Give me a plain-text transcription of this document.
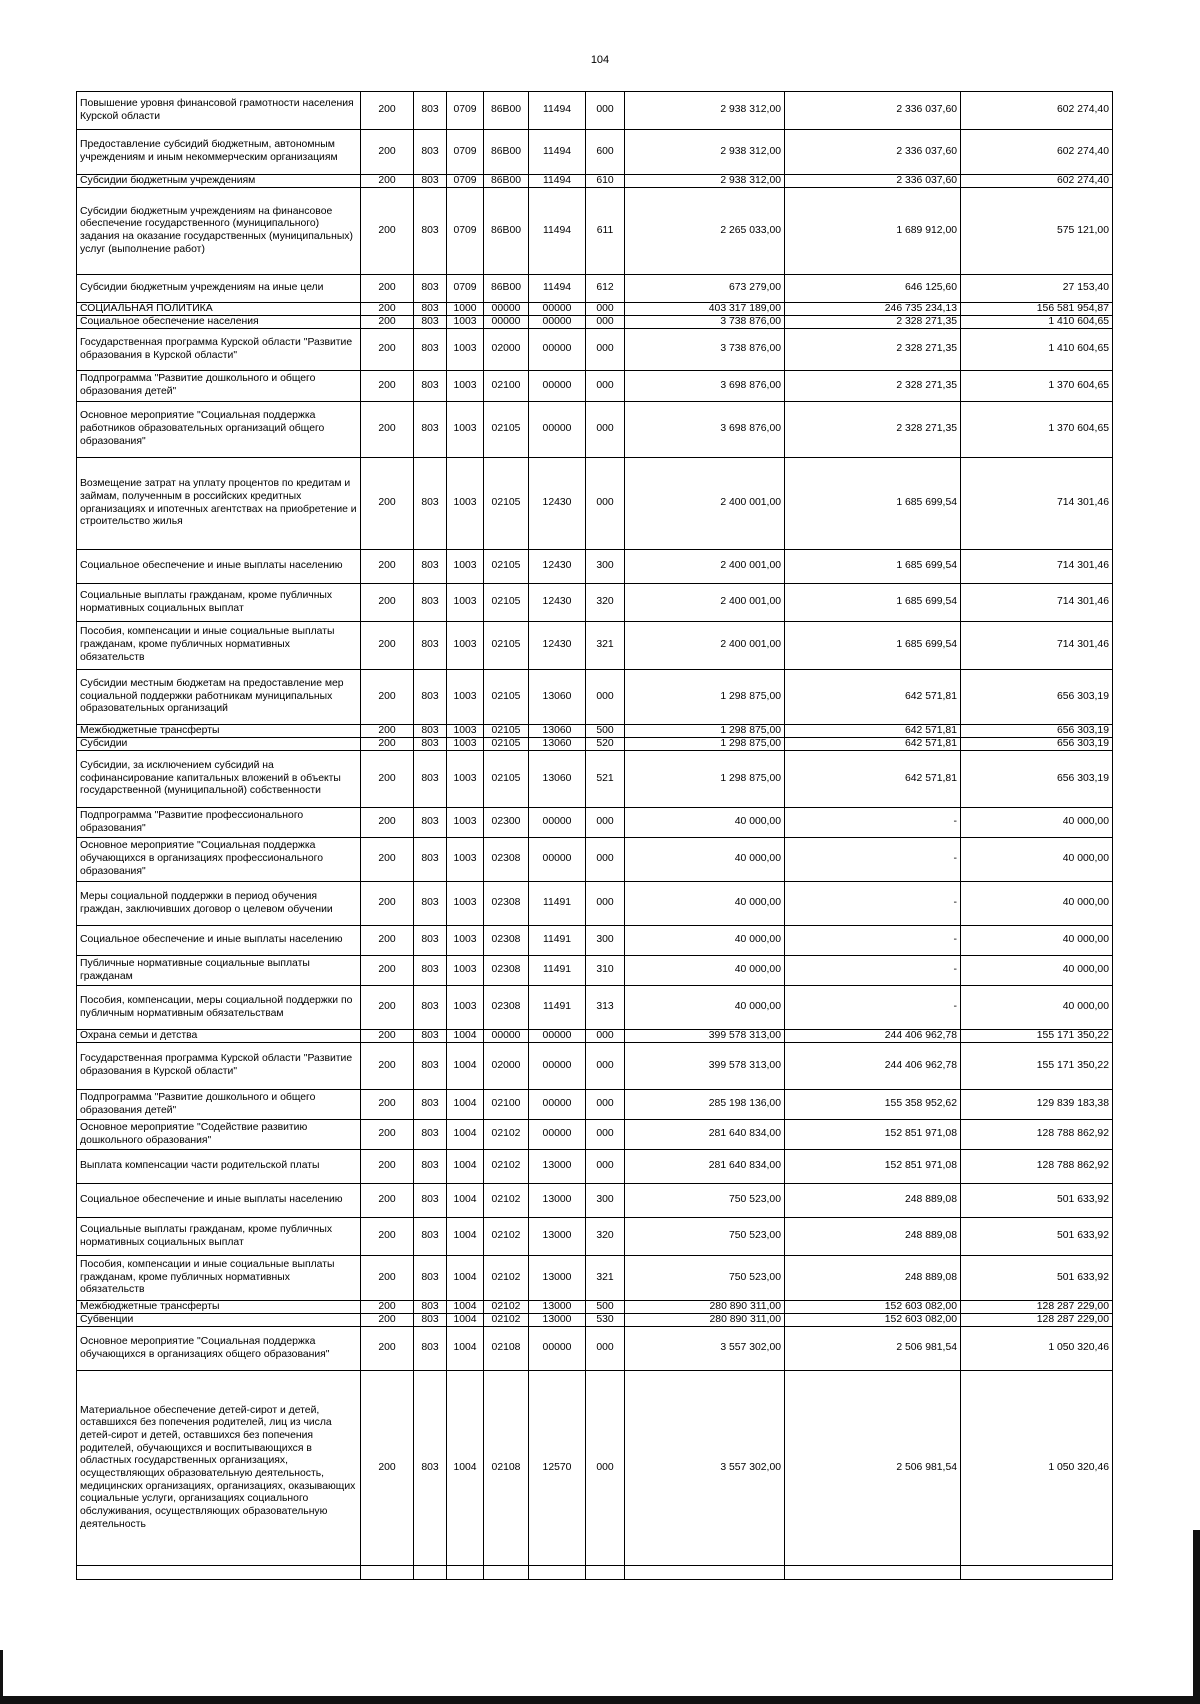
104
Повышение уровня финансовой грамотности населения Курской области	200	803	0709	86В00	11494	000	2 938 312,00	2 336 037,60	602 274,40
Предоставление субсидий бюджетным, автономным учреждениям и иным некоммерческим организациям	200	803	0709	86В00	11494	600	2 938 312,00	2 336 037,60	602 274,40
Субсидии бюджетным учреждениям	200	803	0709	86В00	11494	610	2 938 312,00	2 336 037,60	602 274,40
Субсидии бюджетным учреждениям на финансовое обеспечение государственного (муниципального) задания на оказание государственных (муниципальных) услуг (выполнение работ)	200	803	0709	86В00	11494	611	2 265 033,00	1 689 912,00	575 121,00
Субсидии бюджетным учреждениям на иные цели	200	803	0709	86В00	11494	612	673 279,00	646 125,60	27 153,40
СОЦИАЛЬНАЯ ПОЛИТИКА	200	803	1000	00000	00000	000	403 317 189,00	246 735 234,13	156 581 954,87
Социальное обеспечение населения	200	803	1003	00000	00000	000	3 738 876,00	2 328 271,35	1 410 604,65
Государственная программа Курской области "Развитие образования в Курской области"	200	803	1003	02000	00000	000	3 738 876,00	2 328 271,35	1 410 604,65
Подпрограмма "Развитие дошкольного и общего образования детей"	200	803	1003	02100	00000	000	3 698 876,00	2 328 271,35	1 370 604,65
Основное мероприятие "Социальная поддержка работников образовательных организаций общего образования"	200	803	1003	02105	00000	000	3 698 876,00	2 328 271,35	1 370 604,65
Возмещение затрат на уплату процентов по кредитам и займам, полученным в российских кредитных организациях и ипотечных агентствах на приобретение и строительство жилья	200	803	1003	02105	12430	000	2 400 001,00	1 685 699,54	714 301,46
Социальное обеспечение и иные выплаты населению	200	803	1003	02105	12430	300	2 400 001,00	1 685 699,54	714 301,46
Социальные выплаты гражданам, кроме публичных нормативных социальных выплат	200	803	1003	02105	12430	320	2 400 001,00	1 685 699,54	714 301,46
Пособия, компенсации и иные социальные выплаты гражданам, кроме публичных нормативных обязательств	200	803	1003	02105	12430	321	2 400 001,00	1 685 699,54	714 301,46
Субсидии местным бюджетам на предоставление мер социальной поддержки работникам муниципальных образовательных организаций	200	803	1003	02105	13060	000	1 298 875,00	642 571,81	656 303,19
Межбюджетные трансферты	200	803	1003	02105	13060	500	1 298 875,00	642 571,81	656 303,19
Субсидии	200	803	1003	02105	13060	520	1 298 875,00	642 571,81	656 303,19
Субсидии, за исключением субсидий на софинансирование капитальных вложений в объекты государственной (муниципальной) собственности	200	803	1003	02105	13060	521	1 298 875,00	642 571,81	656 303,19
Подпрограмма "Развитие профессионального образования"	200	803	1003	02300	00000	000	40 000,00	-	40 000,00
Основное мероприятие "Социальная поддержка обучающихся в организациях профессионального образования"	200	803	1003	02308	00000	000	40 000,00	-	40 000,00
Меры социальной поддержки в период обучения граждан, заключивших договор о целевом обучении	200	803	1003	02308	11491	000	40 000,00	-	40 000,00
Социальное обеспечение и иные выплаты населению	200	803	1003	02308	11491	300	40 000,00	-	40 000,00
Публичные нормативные социальные выплаты гражданам	200	803	1003	02308	11491	310	40 000,00	-	40 000,00
Пособия, компенсации, меры социальной поддержки по публичным нормативным обязательствам	200	803	1003	02308	11491	313	40 000,00	-	40 000,00
Охрана семьи и детства	200	803	1004	00000	00000	000	399 578 313,00	244 406 962,78	155 171 350,22
Государственная программа Курской области "Развитие образования в Курской области"	200	803	1004	02000	00000	000	399 578 313,00	244 406 962,78	155 171 350,22
Подпрограмма "Развитие дошкольного и общего образования детей"	200	803	1004	02100	00000	000	285 198 136,00	155 358 952,62	129 839 183,38
Основное мероприятие "Содействие развитию дошкольного образования"	200	803	1004	02102	00000	000	281 640 834,00	152 851 971,08	128 788 862,92
Выплата компенсации части родительской платы	200	803	1004	02102	13000	000	281 640 834,00	152 851 971,08	128 788 862,92
Социальное обеспечение и иные выплаты населению	200	803	1004	02102	13000	300	750 523,00	248 889,08	501 633,92
Социальные выплаты гражданам, кроме публичных нормативных социальных выплат	200	803	1004	02102	13000	320	750 523,00	248 889,08	501 633,92
Пособия, компенсации и иные социальные выплаты гражданам, кроме публичных нормативных обязательств	200	803	1004	02102	13000	321	750 523,00	248 889,08	501 633,92
Межбюджетные трансферты	200	803	1004	02102	13000	500	280 890 311,00	152 603 082,00	128 287 229,00
Субвенции	200	803	1004	02102	13000	530	280 890 311,00	152 603 082,00	128 287 229,00
Основное мероприятие "Социальная поддержка обучающихся в организациях общего образования"	200	803	1004	02108	00000	000	3 557 302,00	2 506 981,54	1 050 320,46
Материальное обеспечение детей-сирот и детей, оставшихся без попечения родителей, лиц из числа детей-сирот и детей, оставшихся без попечения родителей, обучающихся и воспитывающихся в областных государственных организациях, осуществляющих образовательную деятельность, медицинских организациях, организациях, оказывающих социальные услуги, организациях социального обслуживания, осуществляющих образовательную деятельность	200	803	1004	02108	12570	000	3 557 302,00	2 506 981,54	1 050 320,46
